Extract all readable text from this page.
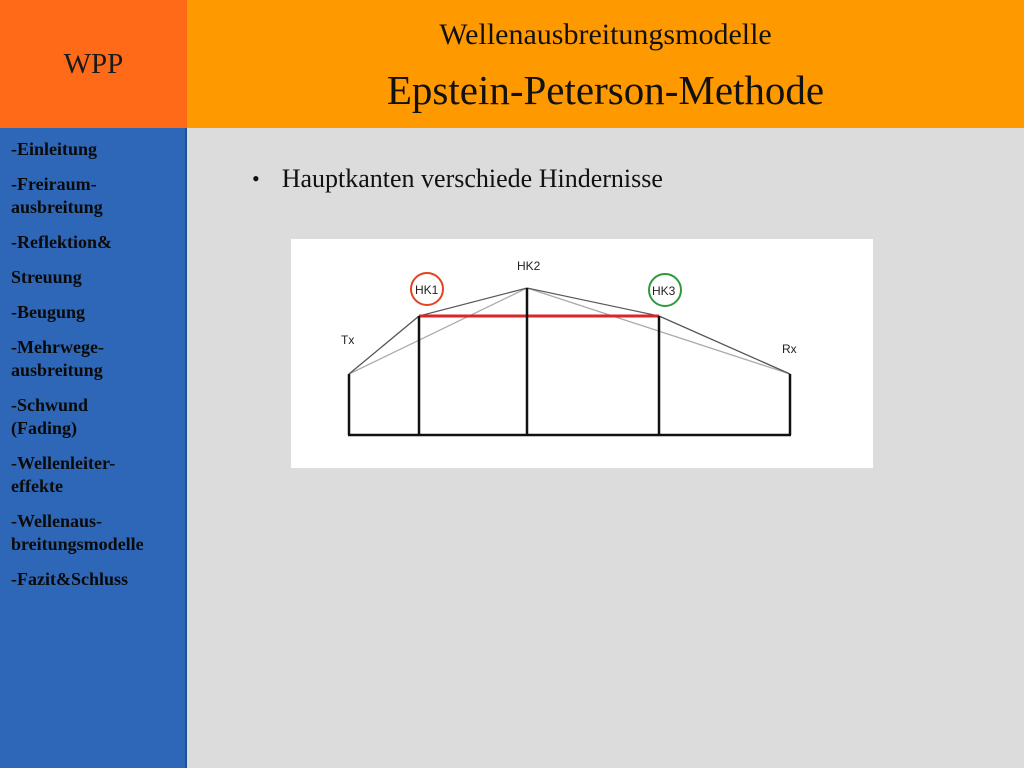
WPP
Wellenausbreitungsmodelle
Epstein-Peterson-Methode
-Einleitung
-Freiraum-
ausbreitung
-Reflektion&
Streuung
-Beugung
-Mehrwege-
ausbreitung
-Schwund
(Fading)
-Wellenleiter-
effekte
-Wellenaus-
breitungsmodelle
-Fazit&Schluss
• Hauptkanten verschiede Hindernisse
HK1
HK2
HK3
Tx
Rx
